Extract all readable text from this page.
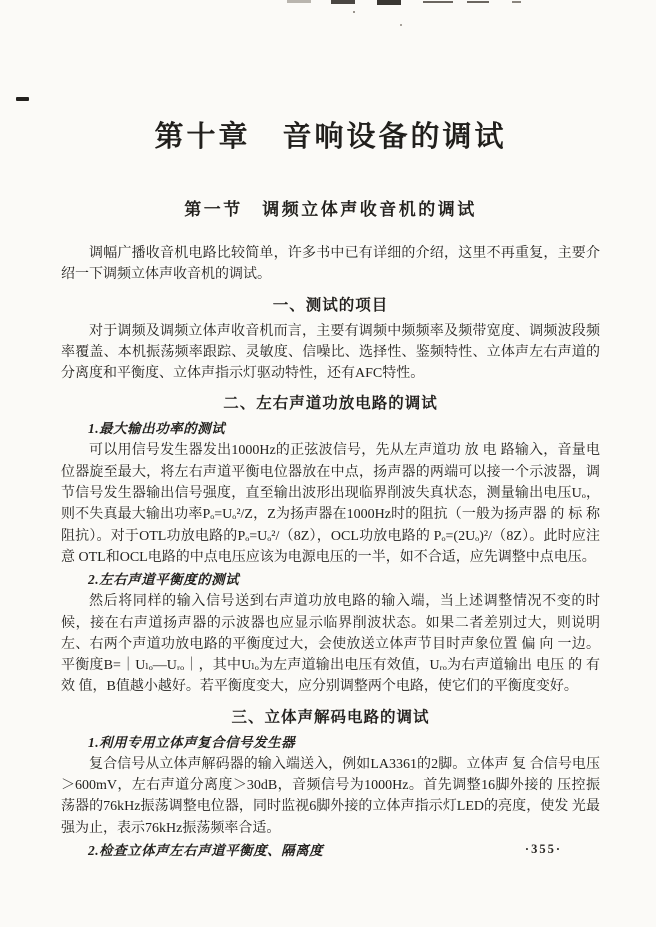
第十章　音响设备的调试
第一节　调频立体声收音机的调试

调幅广播收音机电路比较简单，许多书中已有详细的介绍，这里不再重复，主要介绍一下调频立体声收音机的调试。

一、测试的项目

对于调频及调频立体声收音机而言，主要有调频中频频率及频带宽度、调频波段频率覆盖、本机振荡频率跟踪、灵敏度、信噪比、选择性、鉴频特性、立体声左右声道的分离度和平衡度、立体声指示灯驱动特性，还有AFC特性。

二、左右声道功放电路的调试
1.最大输出功率的测试

可以用信号发生器发出1000Hz的正弦波信号，先从左声道功 放 电 路输入，音量电位器旋至最大，将左右声道平衡电位器放在中点，扬声器的两端可以接一个示波器，调节信号发生器输出信号强度，直至输出波形出现临界削波失真状态，测量输出电压Uₒ，则不失真最大输出功率Pₒ=Uₒ²/Z，Z为扬声器在1000Hz时的阻抗（一般为扬声器 的 标 称阻抗）。对于OTL功放电路的Pₒ=Uₒ²/（8Z），OCL功放电路的 Pₒ=(2Uₒ)²/（8Z）。此时应注意 OTL和OCL电路的中点电压应该为电源电压的一半，如不合适，应先调整中点电压。

2.左右声道平衡度的测试

然后将同样的输入信号送到右声道功放电路的输入端，当上述调整情况不变的时候，接在右声道扬声器的示波器也应显示临界削波状态。如果二者差别过大，则说明左、右两个声道功放电路的平衡度过大，会使放送立体声节目时声象位置 偏 向 一边。平衡度B=｜Uₗₒ—Uᵣₒ｜，其中Uₗₒ为左声道输出电压有效值，Uᵣₒ为右声道输出 电压 的 有 效 值，B值越小越好。若平衡度变大，应分别调整两个电路，使它们的平衡度变好。

三、立体声解码电路的调试
1.利用专用立体声复合信号发生器

复合信号从立体声解码器的输入端送入，例如LA3361的2脚。立体声 复 合信号电压＞600mV，左右声道分离度＞30dB，音频信号为1000Hz。首先调整16脚外接的 压控振荡器的76kHz振荡调整电位器，同时监视6脚外接的立体声指示灯LED的亮度，使发 光最强为止，表示76kHz振荡频率合适。

2.检查立体声左右声道平衡度、隔离度	·355·
